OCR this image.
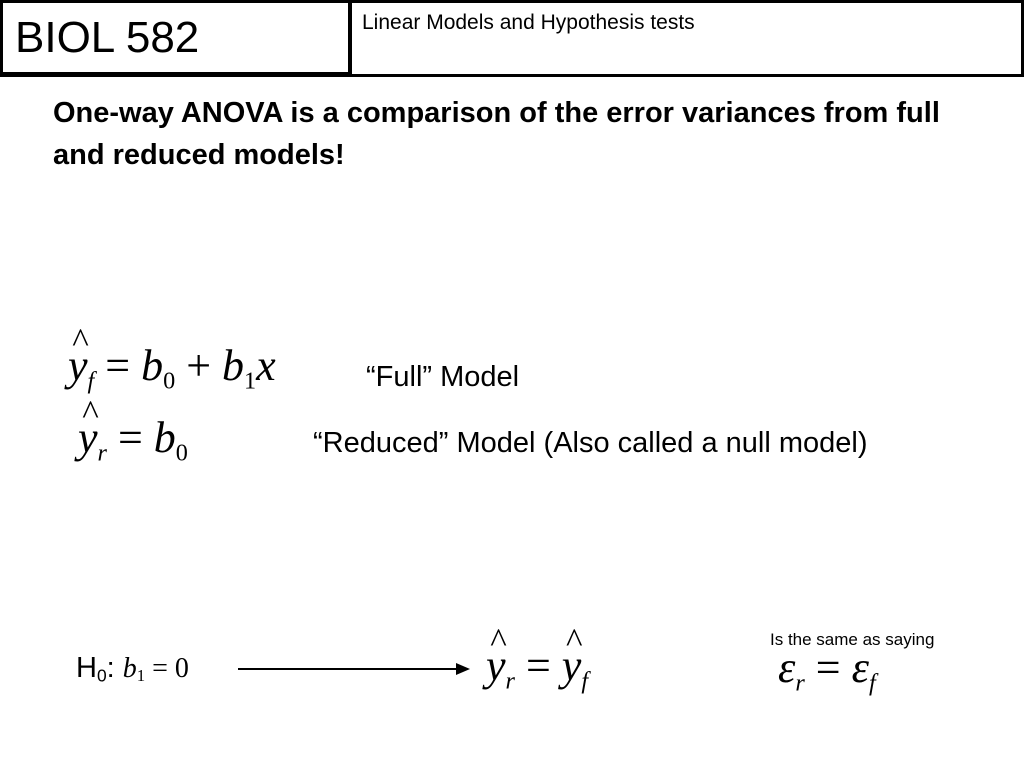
BIOL 582	Linear Models and Hypothesis tests
One-way ANOVA is a comparison of the error variances from full and reduced models!
^ $y_f = b_0 + b_1x$	“Full” Model
^ $y_r = b_0$	“Reduced” Model (Also called a null model)
$H_0$: $b_1 = 0$
^	$y_r$ = ^ $y_f$
Is the same as saying
$\varepsilon_r = \varepsilon_f$
